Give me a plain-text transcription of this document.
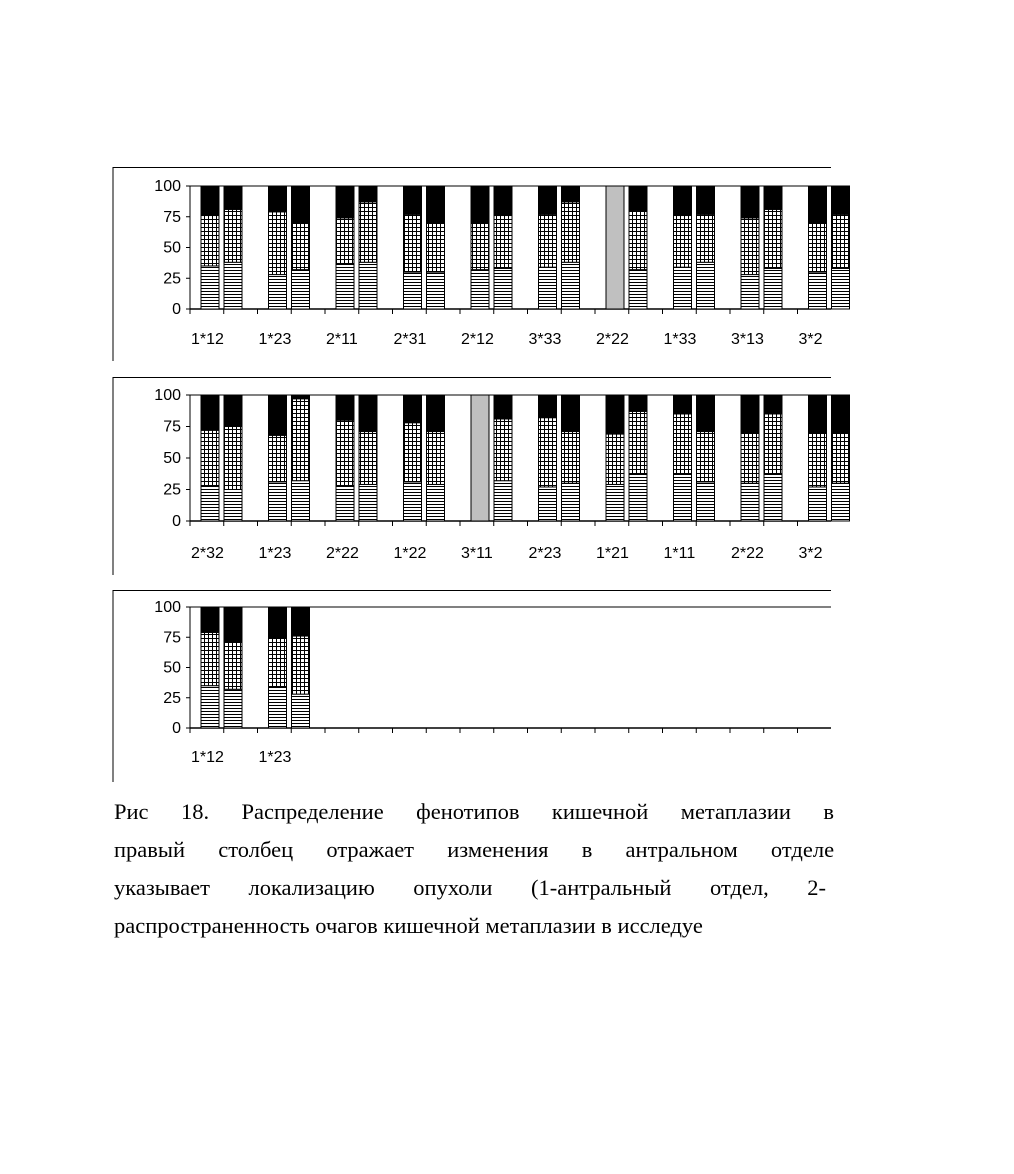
0
25
50
75
100
1*12 1*23 2*11 2*31 2*12 3*33 2*22 1*33 3*13 3*2
0
25
50
75
100
2*32 1*23 2*22 1*22 3*11 2*23 1*21 1*11 2*22 3*2
0
25
50
75
100
1*12 1*23
Рис 18. Распределение фенотипов кишечной метаплазии в
правый столбец отражает изменения в антральном отделе
указывает локализацию опухоли (1-антральный отдел, 2-
распространенность очагов кишечной метаплазии в исследуе
